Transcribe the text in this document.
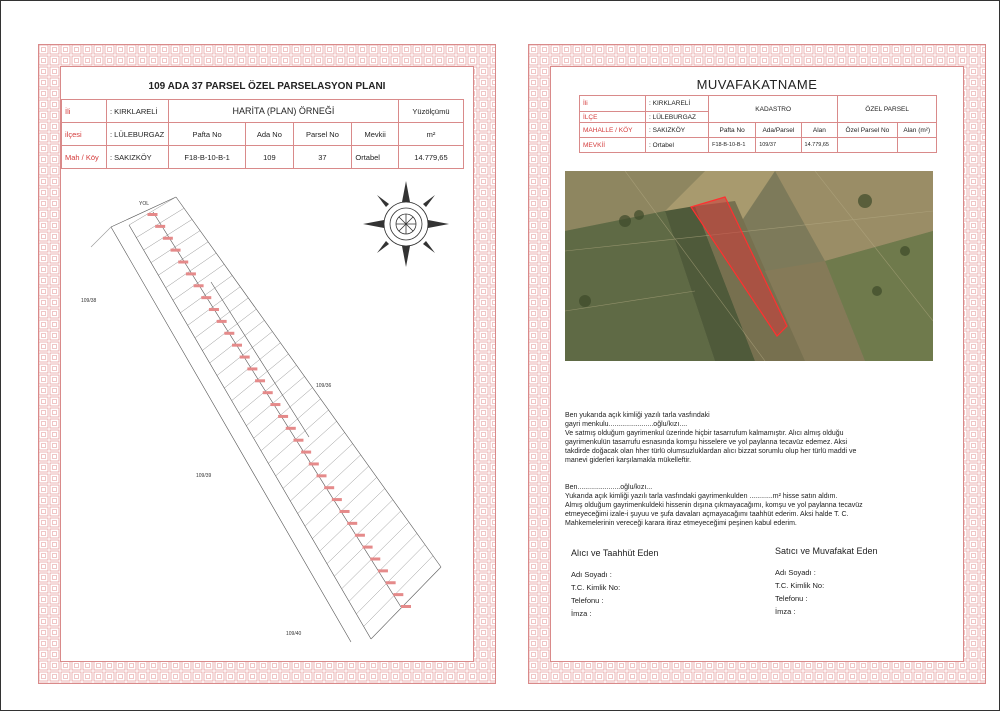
109 ADA 37 PARSEL ÖZEL PARSELASYON PLANI
İli	: KIRKLARELİ	HARİTA (PLAN) ÖRNEĞİ				Yüzölçümü
ilçesi	: LÜLEBURGAZ	Pafta No	Ada No	Parsel No	Mevkii	m²
Mah / Köy	: SAKIZKÖY	F18-B-10-B-1	109	37	Ortabel	14.779,65
YOL
109/38
109/36
109/39
109/40
MUVAFAKATNAME
İli	: KIRKLARELİ	KADASTRO			ÖZEL PARSEL	
İLÇE	: LÜLEBURGAZ					
MAHALLE / KÖY	: SAKIZKÖY	Pafta No	Ada/Parsel	Alan	Özel Parsel No	Alan (m²)
MEVKİİ	: Ortabel	F18-B-10-B-1	109/37	14.779,65		
Ben yukarıda açık kimliği yazılı tarla vasfındaki
gayri menkulu.......................oğlu/kızı....
Ve satmış olduğum gayrimenkul üzerinde hiçbir tasarrufum kalmamıştır. Alıcı almış olduğu
gayrimenkulün tasarrufu esnasında komşu hisselere ve yol paylanna tecavüz edemez. Aksi
takdirde doğacak olan hher türlü olumsuzluklardan alıcı bizzat sorumlu olup her türlü maddi ve
manevi giderleri karşılamakla mükelleftir.
Ben......................oğlu/kızı...
Yukarıda açık kimliği yazılı tarla vasfındaki gayrimenkulden ............m² hisse satın aldım.
Almış olduğum gayrimenkuldeki hissenin dışına çıkmayacağımı, komşu ve yol paylanna tecavüz
etmeyeceğimi izale-i şuyuu ve şufa davaları açmayacağımı taahhüt ederim. Aksi halde T. C.
Mahkemelerinin vereceği karara itiraz etmeyeceğimi peşinen kabul ederim.
Alıcı ve Taahhüt Eden
Adı Soyadı :
T.C. Kimlik No:
Telefonu :
İmza :
Satıcı ve Muvafakat Eden
Adı Soyadı :
T.C. Kimlik No:
Telefonu :
İmza :
